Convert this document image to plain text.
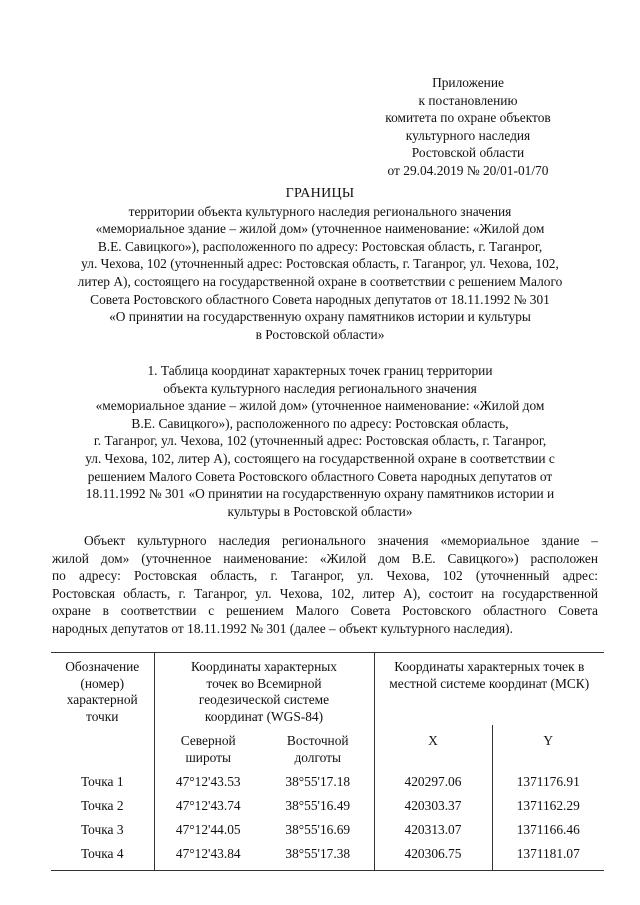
Приложение
к постановлению
комитета по охране объектов
культурного наследия
Ростовской области
от 29.04.2019 № 20/01-01/70
ГРАНИЦЫ
территории объекта культурного наследия регионального значения
«мемориальное здание – жилой дом» (уточненное наименование: «Жилой дом
В.Е. Савицкого»), расположенного по адресу: Ростовская область, г. Таганрог,
ул. Чехова, 102 (уточненный адрес: Ростовская область, г. Таганрог, ул. Чехова, 102,
литер А), состоящего на государственной охране в соответствии с решением Малого
Совета Ростовского областного Совета народных депутатов от 18.11.1992 № 301
«О принятии на государственную охрану памятников истории и культуры
в Ростовской области»
1. Таблица координат характерных точек границ территории
объекта культурного наследия регионального значения
«мемориальное здание – жилой дом» (уточненное наименование: «Жилой дом
В.Е. Савицкого»), расположенного по адресу: Ростовская область,
г. Таганрог, ул. Чехова, 102 (уточненный адрес: Ростовская область, г. Таганрог,
ул. Чехова, 102, литер А), состоящего на государственной охране в соответствии с
решением Малого Совета Ростовского областного Совета народных депутатов от
18.11.1992 № 301 «О принятии на государственную охрану памятников истории и
культуры в Ростовской области»
Объект культурного наследия регионального значения «мемориальное здание –
жилой дом» (уточненное наименование: «Жилой дом В.Е. Савицкого») расположен
по адресу: Ростовская область, г. Таганрог, ул. Чехова, 102 (уточненный адрес:
Ростовская область, г. Таганрог, ул. Чехова, 102, литер А), состоит на государственной
охране в соответствии с решением Малого Совета Ростовского областного Совета
народных депутатов от 18.11.1992 № 301 (далее – объект культурного наследия).
Обозначение
(номер)
характерной
точки	Координаты характерных
точек во Всемирной
геодезической системе
координат (WGS-84)		Координаты характерных точек в
местной системе координат (МСК)	

	Северной
широты	Восточной
долготы	X	Y
Точка 1	47°12'43.53	38°55'17.18	420297.06	1371176.91
Точка 2	47°12'43.74	38°55'16.49	420303.37	1371162.29
Точка 3	47°12'44.05	38°55'16.69	420313.07	1371166.46
Точка 4	47°12'43.84	38°55'17.38	420306.75	1371181.07
